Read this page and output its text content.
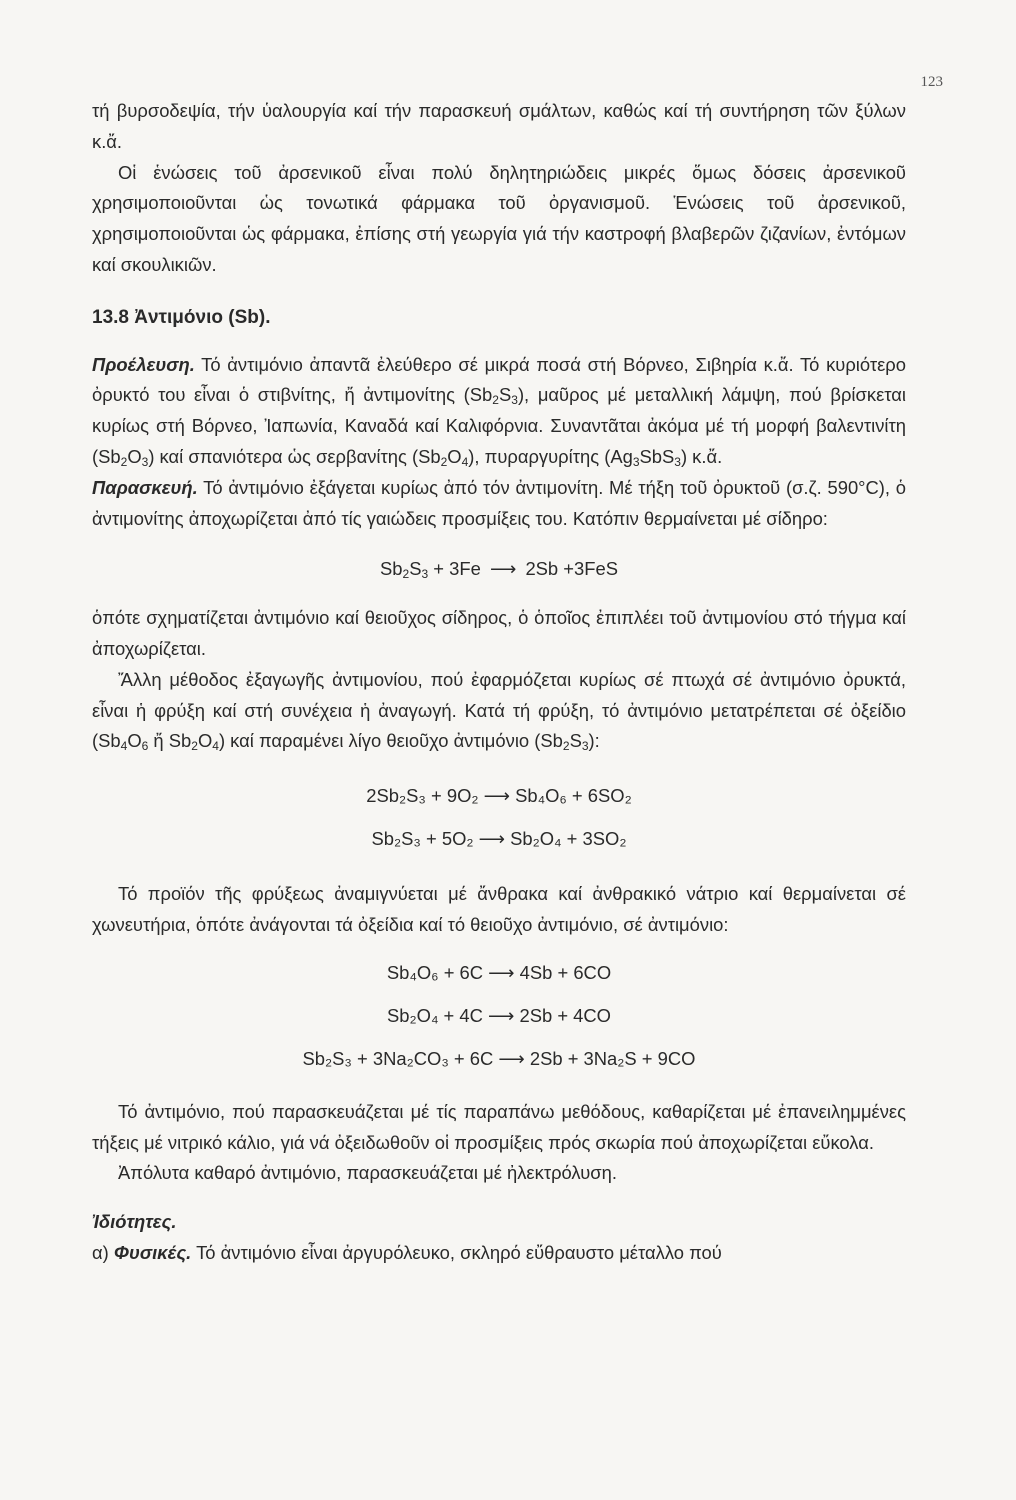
123

τή βυρσοδεψία, τήν ὑαλουργία καί τήν παρασκευή σμάλτων, καθώς καί τή συντήρηση τῶν ξύλων κ.ἄ.

Οἱ ἑνώσεις τοῦ ἀρσενικοῦ εἶναι πολύ δηλητηριώδεις μικρές ὅμως δόσεις ἀρσενικοῦ χρησιμοποιοῦνται ὡς τονωτικά φάρμακα τοῦ ὀργανισμοῦ. Ἑνώσεις τοῦ ἀρσενικοῦ, χρησιμοποιοῦνται ὡς φάρμακα, ἐπίσης στή γεωργία γιά τήν καστροφή βλαβερῶν ζιζανίων, ἐντόμων καί σκουλικιῶν.

13.8 Ἀντιμόνιο (Sb).

Προέλευση. Τό ἀντιμόνιο ἀπαντᾶ ἐλεύθερο σέ μικρά ποσά στή Βόρνεο, Σιβηρία κ.ἄ. Τό κυριότερο ὀρυκτό του εἶναι ὁ στιβνίτης, ἤ ἀντιμονίτης $(Sb_2S_3)$, μαῦρος μέ μεταλλική λάμψη, πού βρίσκεται κυρίως στή Βόρνεο, Ἰαπωνία, Καναδά καί Καλιφόρνια. Συναντᾶται ἀκόμα μέ τή μορφή βαλεντινίτη $(Sb_2O_3)$ καί σπανιότερα ὡς σερβανίτης $(Sb_2O_4)$, πυραργυρίτης $(Ag_3SbS_3)$ κ.ἄ.

Παρασκευή. Τό ἀντιμόνιο ἐξάγεται κυρίως ἀπό τόν ἀντιμονίτη. Μέ τήξη τοῦ ὀρυκτοῦ (σ.ζ. 590°C), ὁ ἀντιμονίτης ἀποχωρίζεται ἀπό τίς γαιώδεις προσμίξεις του. Κατόπιν θερμαίνεται μέ σίδηρο:

$Sb_2S_3 + 3Fe$ ⟶ 2Sb +3FeS

ὁπότε σχηματίζεται ἀντιμόνιο καί θειοῦχος σίδηρος, ὁ ὁποῖος ἐπιπλέει τοῦ ἀντιμονίου στό τήγμα καί ἀποχωρίζεται.

Ἄλλη μέθοδος ἐξαγωγῆς ἀντιμονίου, πού ἐφαρμόζεται κυρίως σέ πτωχά σέ ἀντιμόνιο ὀρυκτά, εἶναι ἡ φρύξη καί στή συνέχεια ἡ ἀναγωγή. Κατά τή φρύξη, τό ἀντιμόνιο μετατρέπεται σέ ὀξείδιο ($Sb_4O_6$ ἤ $Sb_2O_4$) καί παραμένει λίγο θειοῦχο ἀντιμόνιο $(Sb_2S_3)$:

2Sb₂S₃ + 9O₂ ⟶ Sb₄O₆ + 6SO₂
Sb₂S₃ + 5O₂ ⟶ Sb₂O₄ + 3SO₂

Τό προϊόν τῆς φρύξεως ἀναμιγνύεται μέ ἄνθρακα καί ἀνθρακικό νάτριο καί θερμαίνεται σέ χωνευτήρια, ὁπότε ἀνάγονται τά ὀξείδια καί τό θειοῦχο ἀντιμόνιο, σέ ἀντιμόνιο:

Sb₄O₆ + 6C ⟶ 4Sb + 6CO
Sb₂O₄ + 4C ⟶ 2Sb + 4CO
Sb₂S₃ + 3Na₂CO₃ + 6C ⟶ 2Sb + 3Na₂S + 9CO

Τό ἀντιμόνιο, πού παρασκευάζεται μέ τίς παραπάνω μεθόδους, καθαρίζεται μέ ἐπανειλημμένες τήξεις μέ νιτρικό κάλιο, γιά νά ὀξειδωθοῦν οἱ προσμίξεις πρός σκωρία πού ἀποχωρίζεται εὔκολα.

Ἀπόλυτα καθαρό ἀντιμόνιο, παρασκευάζεται μέ ἠλεκτρόλυση.

Ἰδιότητες.

α) Φυσικές. Τό ἀντιμόνιο εἶναι ἀργυρόλευκο, σκληρό εὔθραυστο μέταλλο πού
